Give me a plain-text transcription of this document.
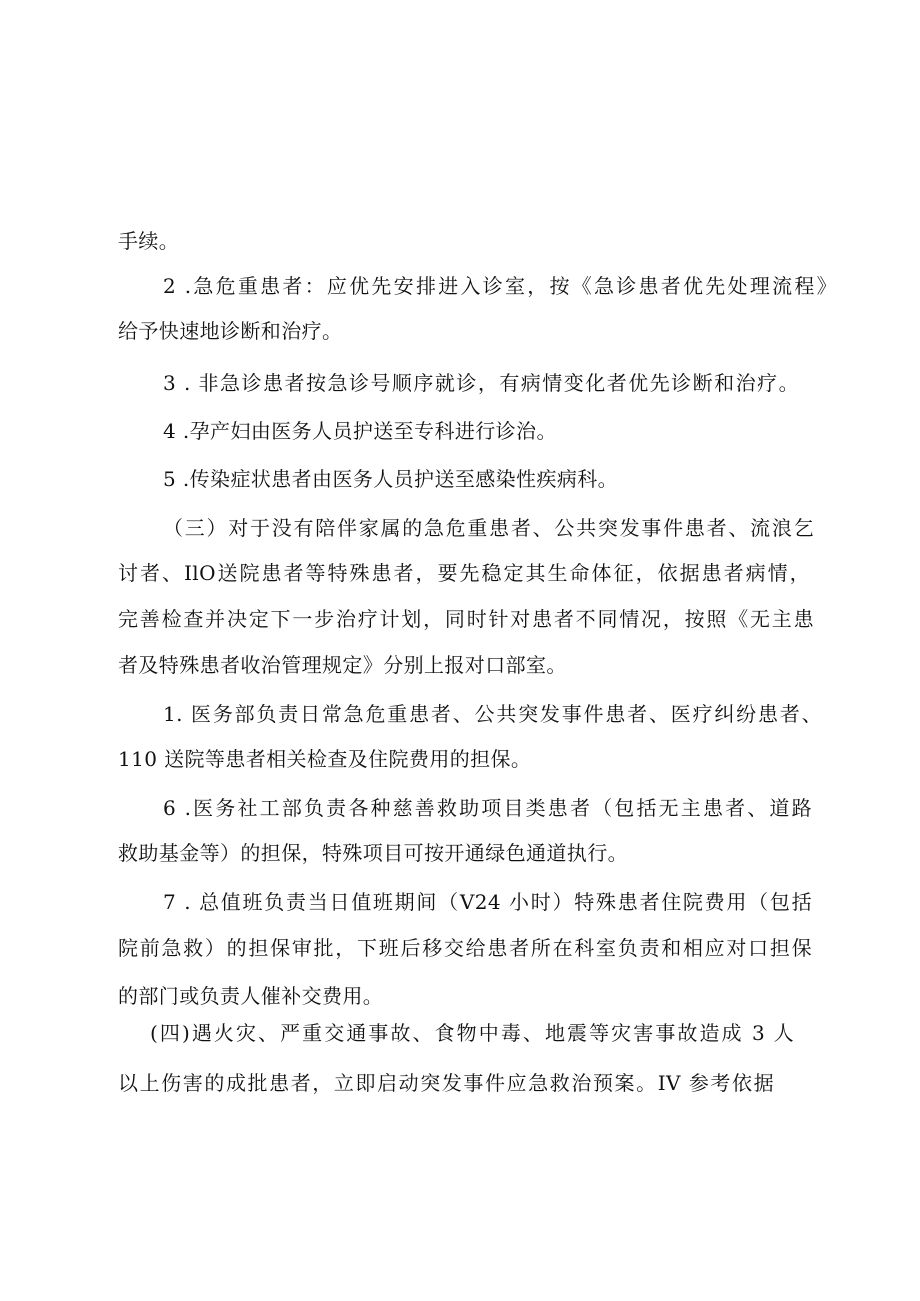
手续。
2 .急危重患者：应优先安排进入诊室，按《急诊患者优先处理流程》
给予快速地诊断和治疗。
3 . 非急诊患者按急诊号顺序就诊，有病情变化者优先诊断和治疗。
4 .孕产妇由医务人员护送至专科进行诊治。
5 .传染症状患者由医务人员护送至感染性疾病科。
（三）对于没有陪伴家属的急危重患者、公共突发事件患者、流浪乞
讨者、IlO送院患者等特殊患者，要先稳定其生命体征，依据患者病情，
完善检查并决定下一步治疗计划，同时针对患者不同情况，按照《无主患
者及特殊患者收治管理规定》分别上报对口部室。
1. 医务部负责日常急危重患者、公共突发事件患者、医疗纠纷患者、
110 送院等患者相关检查及住院费用的担保。
6 .医务社工部负责各种慈善救助项目类患者（包括无主患者、道路
救助基金等）的担保，特殊项目可按开通绿色通道执行。
7 . 总值班负责当日值班期间（V24 小时）特殊患者住院费用（包括
院前急救）的担保审批，下班后移交给患者所在科室负责和相应对口担保
的部门或负责人催补交费用。
(四)遇火灾、严重交通事故、食物中毒、地震等灾害事故造成 3 人
以上伤害的成批患者，立即启动突发事件应急救治预案。IV 参考依据
